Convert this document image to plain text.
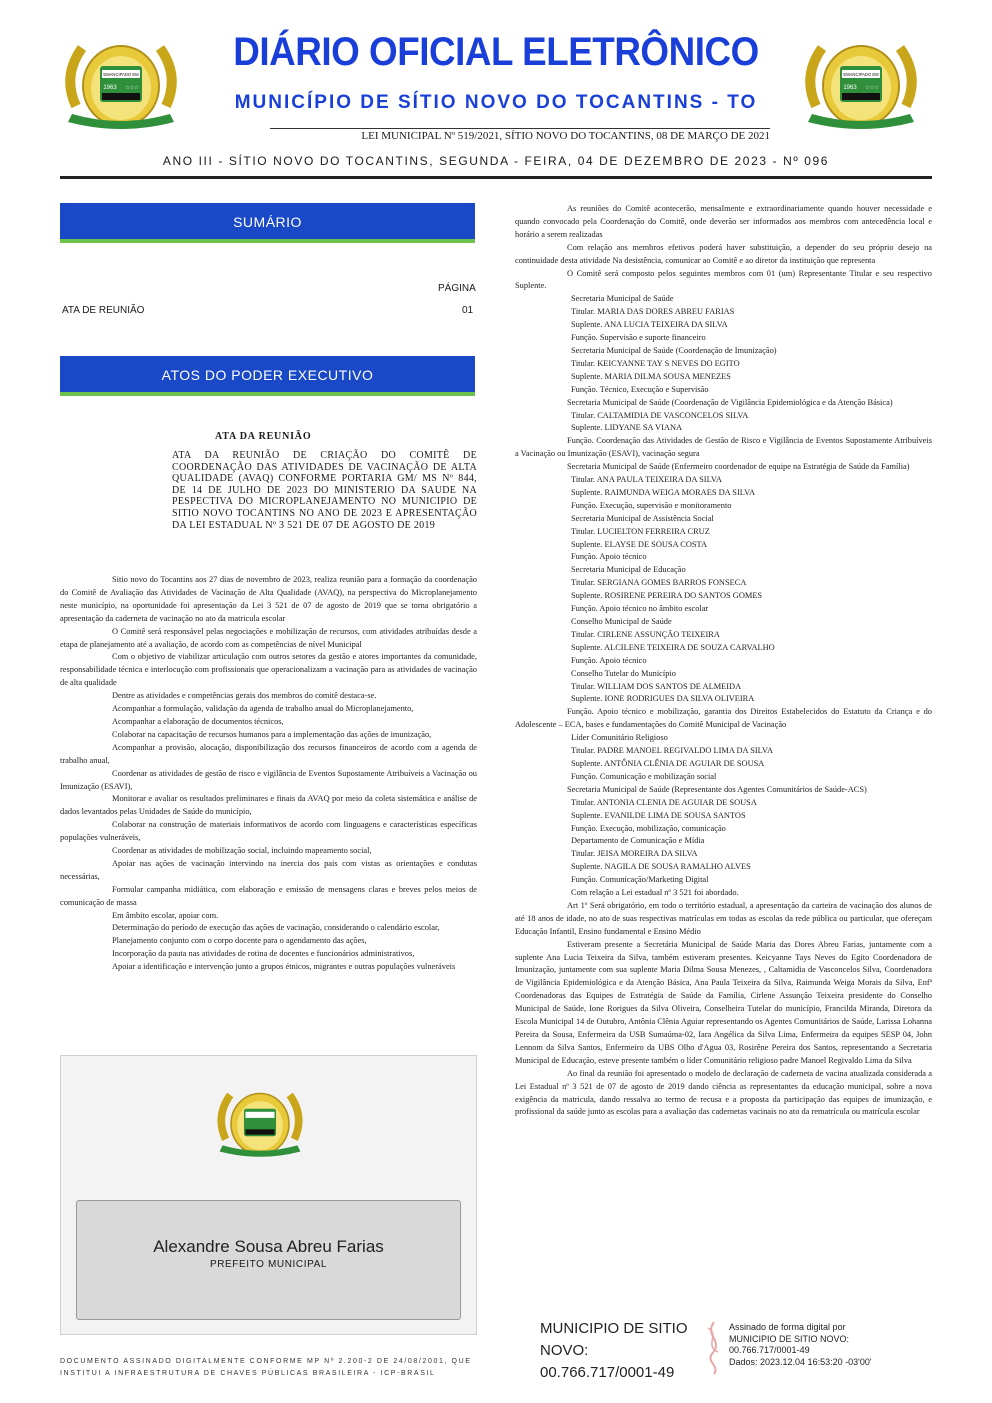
EMANCIPADO EM
1963 ☆☆☆
EMANCIPADO EM
1963 ☆☆☆
DIÁRIO OFICIAL ELETRÔNICO
MUNICÍPIO DE SÍTIO NOVO DO TOCANTINS - TO
LEI MUNICIPAL Nº 519/2021, SÍTIO NOVO DO TOCANTINS, 08 DE MARÇO DE 2021
ANO III - SÍTIO NOVO DO TOCANTINS, SEGUNDA - FEIRA, 04 DE DEZEMBRO DE 2023 - Nº 096
SUMÁRIO
PÁGINA
ATA DE REUNIÃO	01
ATOS DO PODER EXECUTIVO
ATA DA REUNIÃO
ATA DA REUNIÃO DE CRIAÇÃO DO COMITÊ DE COORDENAÇÃO DAS ATIVIDADES DE VACINAÇÃO DE ALTA QUALIDADE (AVAQ) CONFORME PORTARIA GM/ MS Nº 844, DE 14 DE JULHO DE 2023 DO MINISTERIO DA SAUDE NA PESPECTIVA DO MICROPLANEJAMENTO NO MUNICIPIO DE SITIO NOVO TOCANTINS NO ANO DE 2023 E APRESENTAÇÃO DA LEI ESTADUAL Nº 3 521 DE 07 DE AGOSTO DE 2019

Sitio novo do Tocantins aos 27 dias de novembro de 2023, realiza reunião para a formação da coordenação do Comitê de Avaliação das Atividades de Vacinação de Alta Qualidade (AVAQ), na perspectiva do Microplanejamento neste município, na oportunidade foi apresentação da Lei 3 521 de 07 de agosto de 2019 que se torna obrigatório a apresentação da caderneta de vacinação no ato da matricula escolar

O Comitê será responsável pelas negociações e mobilização de recursos, com atividades atribuídas desde a etapa de planejamento até a avaliação, de acordo com as competências de nível Municipal

Com o objetivo de viabilizar articulação com outros setores da gestão e atores importantes da comunidade, responsabilidade técnica e interlocução com profissionais que operacionalizam a vacinação para as atividades de vacinação de alta qualidade

Dentre as atividades e competências gerais dos membros do comitê destaca-se.

Acompanhar a formulação, validação da agenda de trabalho anual do Microplanejamento,

Acompanhar a elaboração de documentos técnicos,

Colaborar na capacitação de recursos humanos para a implementação das ações de imunização,

Acompanhar a provisão, alocação, disponibilização dos recursos financeiros de acordo com a agenda de trabalho anual,

Coordenar as atividades de gestão de risco e vigilância de Eventos Supostamente Atribuíveis a Vacinação ou Imunização (ESAVI),

Monitorar e avaliar os resultados preliminares e finais da AVAQ por meio da coleta sistemática e análise de dados levantados pelas Unidades de Saúde do município,

Colaborar na construção de materiais informativos de acordo com linguagens e características específicas populações vulneráveis,

Coordenar as atividades de mobilização social, incluindo mapeamento social,

Apoiar nas ações de vacinação intervindo na inercia dos pais com vistas as orientações e condutas necessárias,

Formular campanha midiática, com elaboração e emissão de mensagens claras e breves pelos meios de comunicação de massa

Em âmbito escolar, apoiar com.

Determinação do período de execução das ações de vacinação, considerando o calendário escolar,

Planejamento conjunto com o corpo docente para o agendamento das ações,

Incorporação da pauta nas atividades de rotina de docentes e funcionários administrativos,

Apoiar a identificação e intervenção junto a grupos étnicos, migrantes e outras populações vulneráveis

As reuniões do Comitê acontecerão, mensalmente e extraordinariamente quando houver necessidade e quando convocado pela Coordenação do Comitê, onde deverão ser informados aos membros com antecedência local e horário a serem realizadas

Com relação aos membros efetivos poderá haver substituição, a depender do seu próprio desejo na continuidade desta atividade Na desistência, comunicar ao Comitê e ao diretor da instituição que representa

O Comitê será composto pelos seguintes membros com 01 (um) Representante Titular e seu respectivo Suplente.

Secretaria Municipal de Saúde

Titular. MARIA DAS DORES ABREU FARIAS

Suplente. ANA LUCIA TEIXEIRA DA SILVA

Função. Supervisão e suporte financeiro

Secretaria Municipal de Saúde (Coordenação de Imunização)

Titular. KEICYANNE TAY S NEVES DO EGITO

Suplente. MARIA DILMA SOUSA MENEZES

Função. Técnico, Execução e Supervisão

Secretaria Municipal de Saúde (Coordenação de Vigilância Epidemiológica e da Atenção Básica)

Titular. CALTAMIDIA DE VASCONCELOS SILVA

Suplente. LIDYANE SA VIANA

Função. Coordenação das Atividades de Gestão de Risco e Vigilância de Eventos Supostamente Atribuíveis a Vacinação ou Imunização (ESAVI), vacinação segura

Secretaria Municipal de Saúde (Enfermeiro coordenador de equipe na Estratégia de Saúde da Família)

Titular. ANA PAULA TEIXEIRA DA SILVA

Suplente. RAIMUNDA WEIGA MORAES DA SILVA

Função. Execução, supervisão e monitoramento

Secretaria Municipal de Assistência Social

Titular. LUCIELTON FERREIRA CRUZ

Suplente. ELAYSE DE SOUSA COSTA

Função. Apoio técnico

Secretaria Municipal de Educação

Titular. SERGIANA GOMES BARROS FONSECA

Suplente. ROSIRENE PEREIRA DO SANTOS GOMES

Função. Apoio técnico no âmbito escolar

Conselho Municipal de Saúde

Titular. CIRLENE ASSUNÇÃO TEIXEIRA

Suplente. ALCILENE TEIXEIRA DE SOUZA CARVALHO

Função. Apoio técnico

Conselho Tutelar do Município

Titular. WILLIAM DOS SANTOS DE ALMEIDA

Suplente. IONE RODRIGUES DA SILVA OLIVEIRA

Função. Apoio técnico e mobilização, garantia dos Direitos Estabelecidos do Estatuto da Criança e do Adolescente – ECA, bases e fundamentações do Comitê Municipal de Vacinação

Líder Comunitário Religioso

Titular. PADRE MANOEL REGIVALDO LIMA DA SILVA

Suplente. ANTÔNIA CLÊNIA DE AGUIAR DE SOUSA

Função. Comunicação e mobilização social

Secretaria Municipal de Saúde (Representante dos Agentes Comunitários de Saúde-ACS)

Titular. ANTONIA CLENIA DE AGUIAR DE SOUSA

Suplente. EVANILDE LIMA DE SOUSA SANTOS

Função. Execução, mobilização, comunicação

Departamento de Comunicação e Mídia

Titular. JEISA MOREIRA DA SILVA

Suplente. NAGILA DE SOUSA RAMALHO ALVES

Função. Comunicação/Marketing Digital

Com relação a Lei estadual nº 3 521 foi abordado.

Art 1º Será obrigatório, em todo o território estadual, a apresentação da carteira de vacinação dos alunos de até 18 anos de idade, no ato de suas respectivas matrículas em todas as escolas da rede pública ou particular, que ofereçam Educação Infantil, Ensino fundamental e Ensino Médio

Estiveram presente a Secretária Municipal de Saúde Maria das Dores Abreu Farias, juntamente com a suplente Ana Lucia Teixeira da Silva, também estiveram presentes. Keicyanne Tays Neves do Egito Coordenadora de Imunização, juntamente com sua suplente Maria Dilma Sousa Menezes, , Caltamidia de Vasconcelos Silva, Coordenadora de Vigilância Epidemiológica e da Atenção Básica, Ana Paula Teixeira da Silva, Raimunda Weiga Morais da Silva, Enfª Coordenadoras das Equipes de Estratégia de Saúde da Família, Cirlene Assunção Teixeira presidente do Conselho Municipal de Saúde, Ione Rorigues da Silva Oliveira, Conselheira Tutelar do município, Francilda Miranda, Diretora da Escola Municipal 14 de Outubro, Antônia Clênia Aguiar representando os Agentes Comunitários de Saúde, Larissa Lohanna Pereira da Sousa, Enfermeira da USB Sumaúma-02, Iara Angélica da Silva Lima, Enfermeira da equipes SESP 04, John Lennom da Silva Santos, Enfermeiro da UBS Olho d'Agua 03, Rosirêne Pereira dos Santos, representando a Secretaria Municipal de Educação, esteve presente também o líder Comunitário religioso padre Manoel Regivaldo Lima da Silva

Ao final da reunião foi apresentado o modelo de declaração de caderneta de vacina atualizada considerada a Lei Estadual nº 3 521 de 07 de agosto de 2019 dando ciência as representantes da educação municipal, sobre a nova exigência da matricula, dando ressalva ao termo de recusa e a proposta da participação das equipes de imunização, e profissional da saúde junto as escolas para a avaliação das cadernetas vacinais no ato da rematrícula ou matrícula escolar

Alexandre Sousa Abreu Farias
PREFEITO MUNICIPAL
DOCUMENTO ASSINADO DIGITALMENTE CONFORME MP Nº 2.200-2 DE 24/08/2001, QUE INSTITUI A INFRAESTRUTURA DE CHAVES PÚBLICAS BRASILEIRA - ICP-BRASIL
MUNICIPIO DE SITIO
NOVO:
00.766.717/0001-49
Assinado de forma digital por
MUNICIPIO DE SITIO NOVO:
00.766.717/0001-49
Dados: 2023.12.04 16:53:20 -03'00'
